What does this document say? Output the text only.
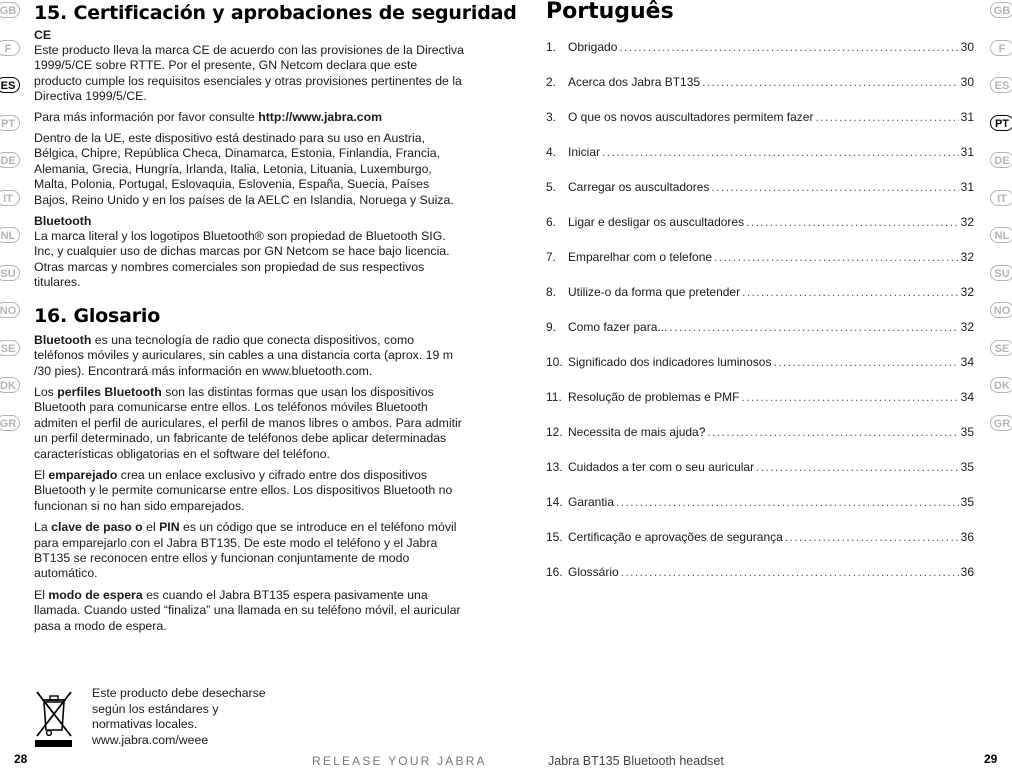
GB
F
ES
PT
DE
IT
NL
SU
NO
SE
DK
GR
GB
F
ES
PT
DE
IT
NL
SU
NO
SE
DK
GR
15. Certificación y aprobaciones de seguridad
CE
Este producto lleva la marca CE de acuerdo con las provisiones de la Directiva 1999/5/CE sobre RTTE. Por el presente, GN Netcom declara que este producto cumple los requisitos esenciales y otras provisiones pertinentes de la Directiva 1999/5/CE.

Para más información por favor consulte http://www.jabra.com

Dentro de la UE, este dispositivo está destinado para su uso en Austria, Bélgica, Chipre, República Checa, Dinamarca, Estonia, Finlandia, Francia, Alemania, Grecia, Hungría, Irlanda, Italia, Letonia, Lituania, Luxemburgo, Malta, Polonia, Portugal, Eslovaquia, Eslovenia, España, Suecia, Países Bajos, Reino Unido y en los países de la AELC en Islandia, Noruega y Suiza.

Bluetooth
La marca literal y los logotipos Bluetooth® son propiedad de Bluetooth SIG. Inc, y cualquier uso de dichas marcas por GN Netcom se hace bajo licencia. Otras marcas y nombres comerciales son propiedad de sus respectivos titulares.
16. Glosario

Bluetooth es una tecnología de radio que conecta dispositivos, como teléfonos móviles y auriculares, sin cables a una distancia corta (aprox. 19 m /30 pies). Encontrará más información en www.bluetooth.com.

Los perfiles Bluetooth son las distintas formas que usan los dispositivos Bluetooth para comunicarse entre ellos. Los teléfonos móviles Bluetooth admiten el perfil de auriculares, el perfil de manos libres o ambos. Para admitir un perfil determinado, un fabricante de teléfonos debe aplicar determinadas características obligatorias en el software del teléfono.

El emparejado crea un enlace exclusivo y cifrado entre dos dispositivos Bluetooth y le permite comunicarse entre ellos. Los dispositivos Bluetooth no funcionan si no han sido emparejados.

La clave de paso o el PIN es un código que se introduce en el teléfono móvil para emparejarlo con el Jabra BT135. De este modo el teléfono y el Jabra BT135 se reconocen entre ellos y funcionan conjuntamente de modo automático.

El modo de espera es cuando el Jabra BT135 espera pasivamente una llamada. Cuando usted “finaliza” una llamada en su teléfono móvil, el auricular pasa a modo de espera.

Este producto debe desecharse
según los estándares y
normativas locales.
www.jabra.com/weee
Português
1. Obrigado .....	30
2. Acerca dos Jabra BT135 .....	30
3. O que os novos auscultadores permitem fazer .....	31
4. Iniciar .....	31
5. Carregar os auscultadores .....	31
6. Ligar e desligar os auscultadores .....	32
7. Emparelhar com o telefone .....	32
8. Utilize-o da forma que pretender .....	32
9. Como fazer para... .....	32
10. Significado dos indicadores luminosos .....	34
11. Resolução de problemas e PMF .....	34
12. Necessita de mais ajuda? .....	35
13. Cuidados a ter com o seu auricular .....	35
14. Garantia .....	35
15. Certificação e aprovações de segurança .....	36
16. Glossário .....	36
28	RELEASE YOUR JABRA	Jabra BT135 Bluetooth headset	29
